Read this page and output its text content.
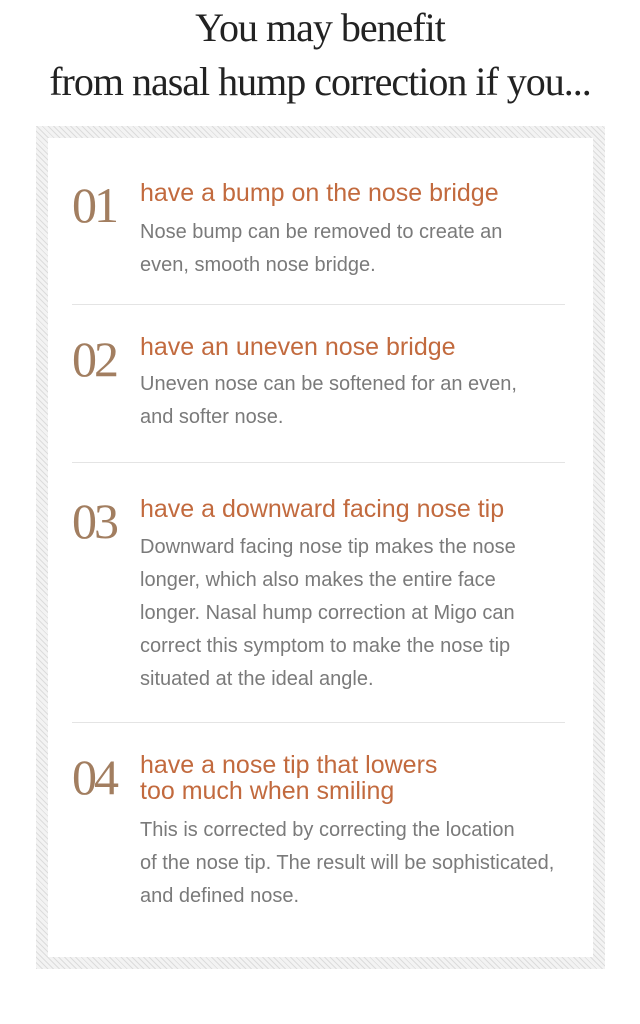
You may benefit
from nasal hump correction if you...
01 have a bump on the nose bridge

Nose bump can be removed to create an
even, smooth nose bridge.

02 have an uneven nose bridge

Uneven nose can be softened for an even,
and softer nose.

03 have a downward facing nose tip

Downward facing nose tip makes the nose
longer, which also makes the entire face
longer. Nasal hump correction at Migo can
correct this symptom to make the nose tip
situated at the ideal angle.

04 have a nose tip that lowers
too much when smiling

This is corrected by correcting the location
of the nose tip. The result will be sophisticated,
and defined nose.
